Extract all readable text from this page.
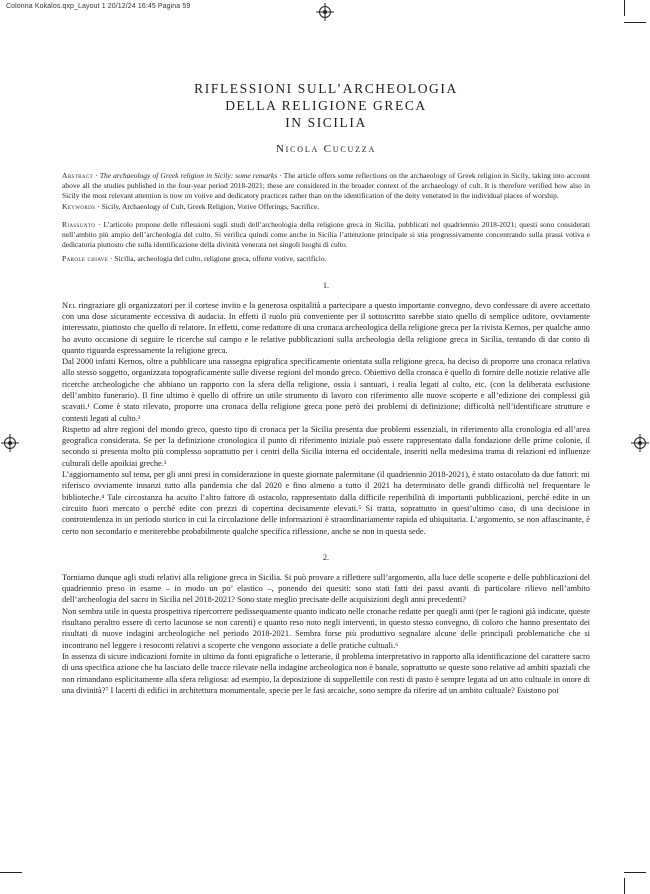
Colonna Kokalos.qxp_Layout 1 20/12/24 16:45 Pagina 59
RIFLESSIONI SULL’ARCHEOLOGIA
DELLA RELIGIONE GRECA
IN SICILIA
Nicola Cucuzza

Abstract · The archaeology of Greek religion in Sicily: some remarks · The article offers some reflections on the archaeology of Greek religion in Sicily, taking into account above all the studies published in the four-year period 2018-2021; these are considered in the broader context of the archaeology of cult. It is therefore verified how also in Sicily the most relevant attention is now on votive and dedicatory practices rather than on the identification of the deity venerated in the individual places of worship.

Keywords · Sicily, Archaeology of Cult, Greek Religion, Votive Offerings, Sacrifice.

Riassunto · L’articolo propone delle riflessioni sugli studi dell’archeologia della religione greca in Sicilia, pubblicati nel quadriennio 2018-2021; questi sono considerati nell’ambito più ampio dell’archeologia del culto. Si verifica quindi come anche in Sicilia l’attenzione principale si stia progressivamente concentrando sulla prassi votiva e dedicatoria piuttosto che sulla identificazione della divinità venerata nei singoli luoghi di culto.

Parole chiave · Sicilia, archeologia del culto, religione greca, offerte votive, sacrificio.

1.

Nel ringraziare gli organizzatori per il cortese invito e la generosa ospitalità a partecipare a questo importante convegno, devo confessare di avere accettato con una dose sicuramente eccessiva di audacia. In effetti il ruolo più conveniente per il sottoscritto sarebbe stato quello di semplice uditore, ovviamente interessato, piuttosto che quello di relatore. In effetti, come redattore di una cronaca archeologica della religione greca per la rivista Kernos, per qualche anno ho avuto occasione di seguire le ricerche sul campo e le relative pubblicazioni sulla archeologia della religione greca in Sicilia, tentando di dar conto di quanto riguarda espressamente la religione greca.

Dal 2000 infatti Kernos, oltre a pubblicare una rassegna epigrafica specificamente orientata sulla religione greca, ha deciso di proporre una cronaca relativa allo stesso soggetto, organizzata topograficamente sulle diverse regioni del mondo greco. Obiettivo della cronaca è quello di fornire delle notizie relative alle ricerche archeologiche che abbiano un rapporto con la sfera della religione, ossia i santuari, i realia legati al culto, etc. (con la deliberata esclusione dell’ambito funerario). Il fine ultimo è quello di offrire un utile strumento di lavoro con riferimento alle nuove scoperte e all’edizione dei complessi già scavati.¹ Come è stato rilevato, proporre una cronaca della religione greca pone però dei problemi di definizione; difficoltà nell’identificare strutture e contesti legati al culto.²

Rispetto ad altre regioni del mondo greco, questo tipo di cronaca per la Sicilia presenta due problemi essenziali, in riferimento alla cronologia ed all’area geografica considerata. Se per la definizione cronologica il punto di riferimento iniziale può essere rappresentato dalla fondazione delle prime colonie, il secondo si presenta molto più complesso soprattutto per i centri della Sicilia interna ed occidentale, inseriti nella medesima trama di relazioni ed influenze culturali delle apoikiai greche.³

L’aggiornamento sul tema, per gli anni presi in considerazione in queste giornate palermitane (il quadriennio 2018-2021), è stato ostacolato da due fattori: mi riferisco ovviamente innanzi tutto alla pandemia che dal 2020 e fino almeno a tutto il 2021 ha determinato delle grandi difficoltà nel frequentare le biblioteche.⁴ Tale circostanza ha acuito l’altro fattore di ostacolo, rappresentato dalla difficile reperibilità di importanti pubblicazioni, perché edite in un circuito fuori mercato o perché edite con prezzi di copertina decisamente elevati.⁵ Si tratta, soprattutto in quest’ultimo caso, di una decisione in controtendenza in un periodo storico in cui la circolazione delle informazioni è straordinariamente rapida ed ubiquitaria. L’argomento, se non affascinante, è certo non secondario e meriterebbe probabilmente qualche specifica riflessione, anche se non in questa sede.

2.

Torniamo dunque agli studi relativi alla religione greca in Sicilia. Si può provare a riflettere sull’argomento, alla luce delle scoperte e delle pubblicazioni del quadriennio preso in esame – in modo un po’ elastico –, ponendo dei quesiti: sono stati fatti dei passi avanti di particolare rilievo nell’ambito dell’archeologia del sacro in Sicilia nel 2018-2021? Sono state meglio precisate delle acquisizioni degli anni precedenti?

Non sembra utile in questa prospettiva ripercorrere pedissequamente quanto indicato nelle cronache redatte per quegli anni (per le ragioni già indicate, queste risultano peraltro essere di certo lacunose se non carenti) e quanto reso noto negli interventi, in questo stesso convegno, di coloro che hanno presentato dei risultati di nuove indagini archeologiche nel periodo 2018-2021. Sembra forse più produttivo segnalare alcune delle principali problematiche che si incontrano nel leggere i resoconti relativi a scoperte che vengono associate a delle pratiche cultuali.⁶

In assenza di sicure indicazioni fornite in ultimo da fonti epigrafiche o letterarie, il problema interpretativo in rapporto alla identificazione del carattere sacro di una specifica azione che ha lasciato delle tracce rilevate nella indagine archeologica non è banale, soprattutto se queste sono relative ad ambiti spaziali che non rimandano esplicitamente alla sfera religiosa: ad esempio, la deposizione di suppellettile con resti di pasto è sempre legata ad un atto cultuale in onore di una divinità?⁷ I lacerti di edifici in architettura monumentale, specie per le fasi arcaiche, sono sempre da riferire ad un ambito cultuale? Esistono poi
